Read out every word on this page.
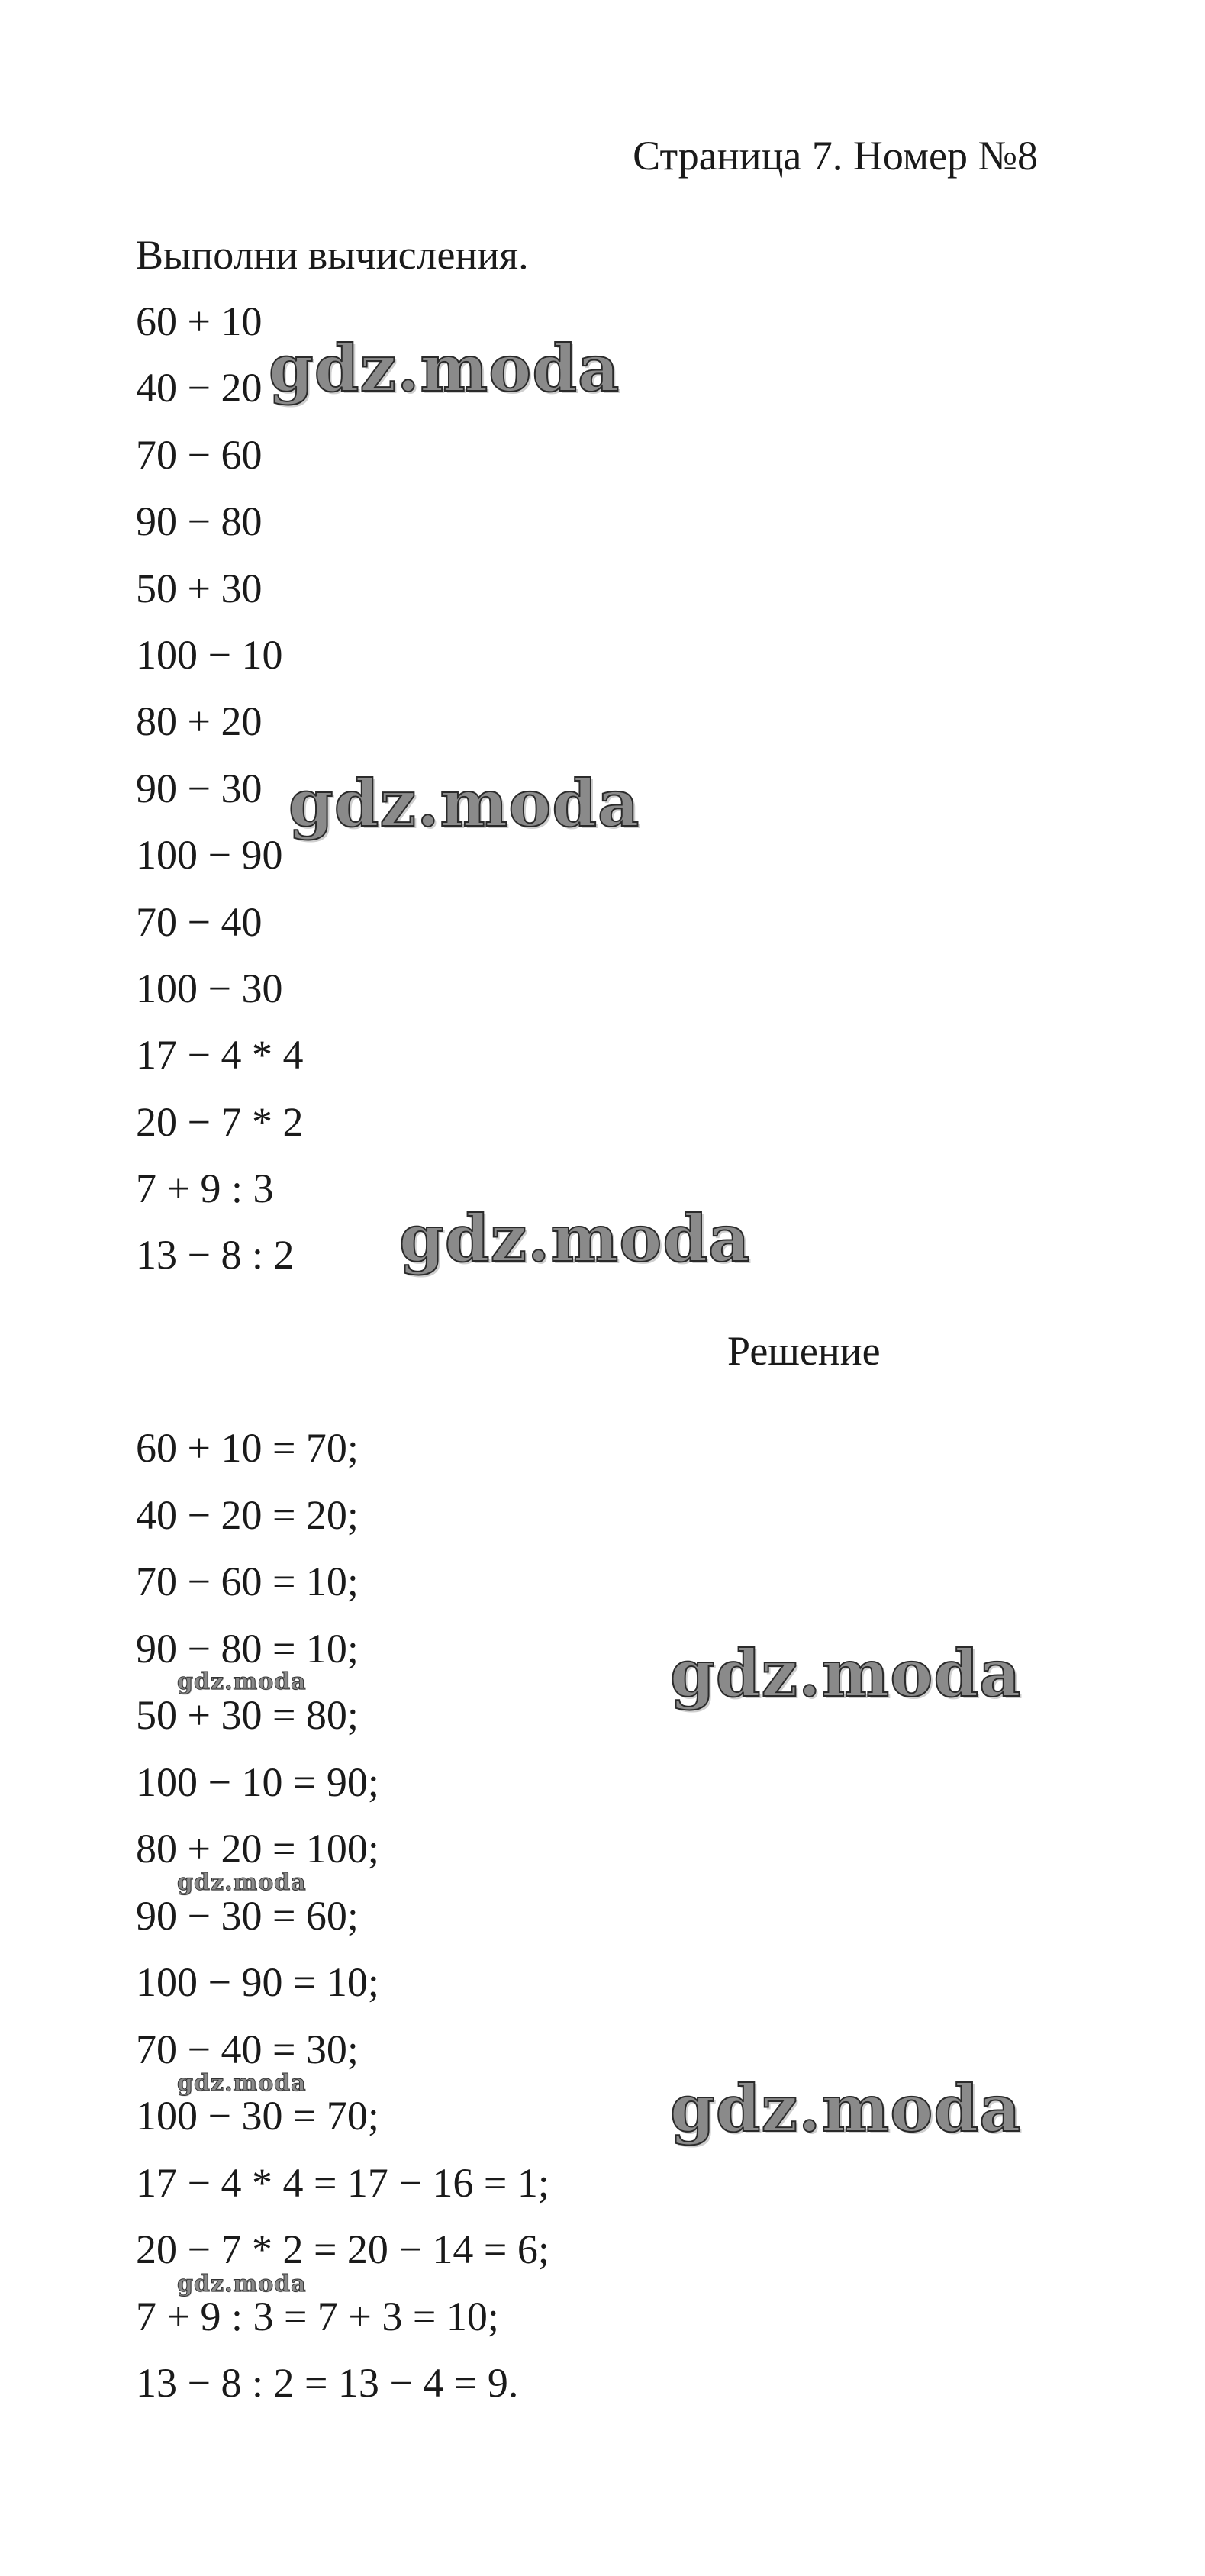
Страница 7. Номер №8
Выполни вычисления.
60 + 10
40 − 20
70 − 60
90 − 80
50 + 30
100 − 10
80 + 20
90 − 30
100 − 90
70 − 40
100 − 30
17 − 4 * 4
20 − 7 * 2
7 + 9 : 3
13 − 8 : 2
Решение
60 + 10 = 70;
40 − 20 = 20;
70 − 60 = 10;
90 − 80 = 10;
50 + 30 = 80;
100 − 10 = 90;
80 + 20 = 100;
90 − 30 = 60;
100 − 90 = 10;
70 − 40 = 30;
100 − 30 = 70;
17 − 4 * 4 = 17 − 16 = 1;
20 − 7 * 2 = 20 − 14 = 6;
7 + 9 : 3 = 7 + 3 = 10;
13 − 8 : 2 = 13 − 4 = 9.
gdz.moda
gdz.moda
gdz.moda
gdz.moda
gdz.moda
gdz.moda
gdz.moda
gdz.moda
gdz.moda
